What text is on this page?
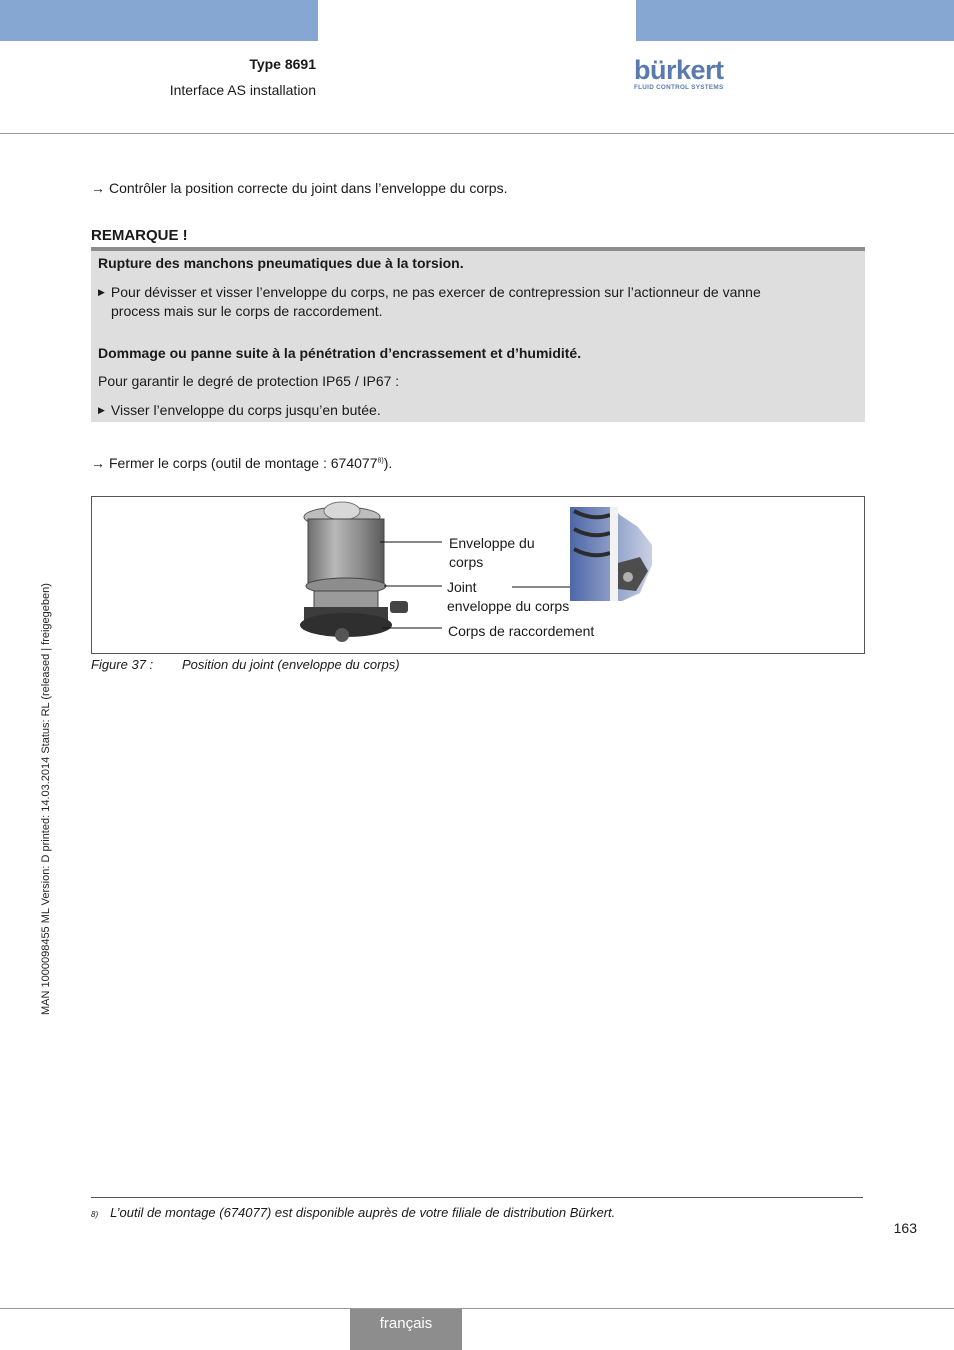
Type 8691
Interface AS installation
bürkert
FLUID CONTROL SYSTEMS
MAN 1000098455 ML Version: D printed: 14.03.2014 Status: RL (released | freigegeben)
→ Contrôler la position correcte du joint dans l’enveloppe du corps.
REMARQUE !
Rupture des manchons pneumatiques due à la torsion.
▶ Pour dévisser et visser l’enveloppe du corps, ne pas exercer de contrepression sur l’actionneur de vanne
process mais sur le corps de raccordement.
Dommage ou panne suite à la pénétration d’encrassement et d’humidité.
Pour garantir le degré de protection IP65 / IP67 :
▶ Visser l’enveloppe du corps jusqu’en butée.
→ Fermer le corps (outil de montage : 674077$^{8)}$).
Enveloppe du
corps
Joint
enveloppe du corps
Corps de raccordement
Figure 37 : Position du joint (enveloppe du corps)
8) L’outil de montage (674077) est disponible auprès de votre filiale de distribution Bürkert.
163
français
